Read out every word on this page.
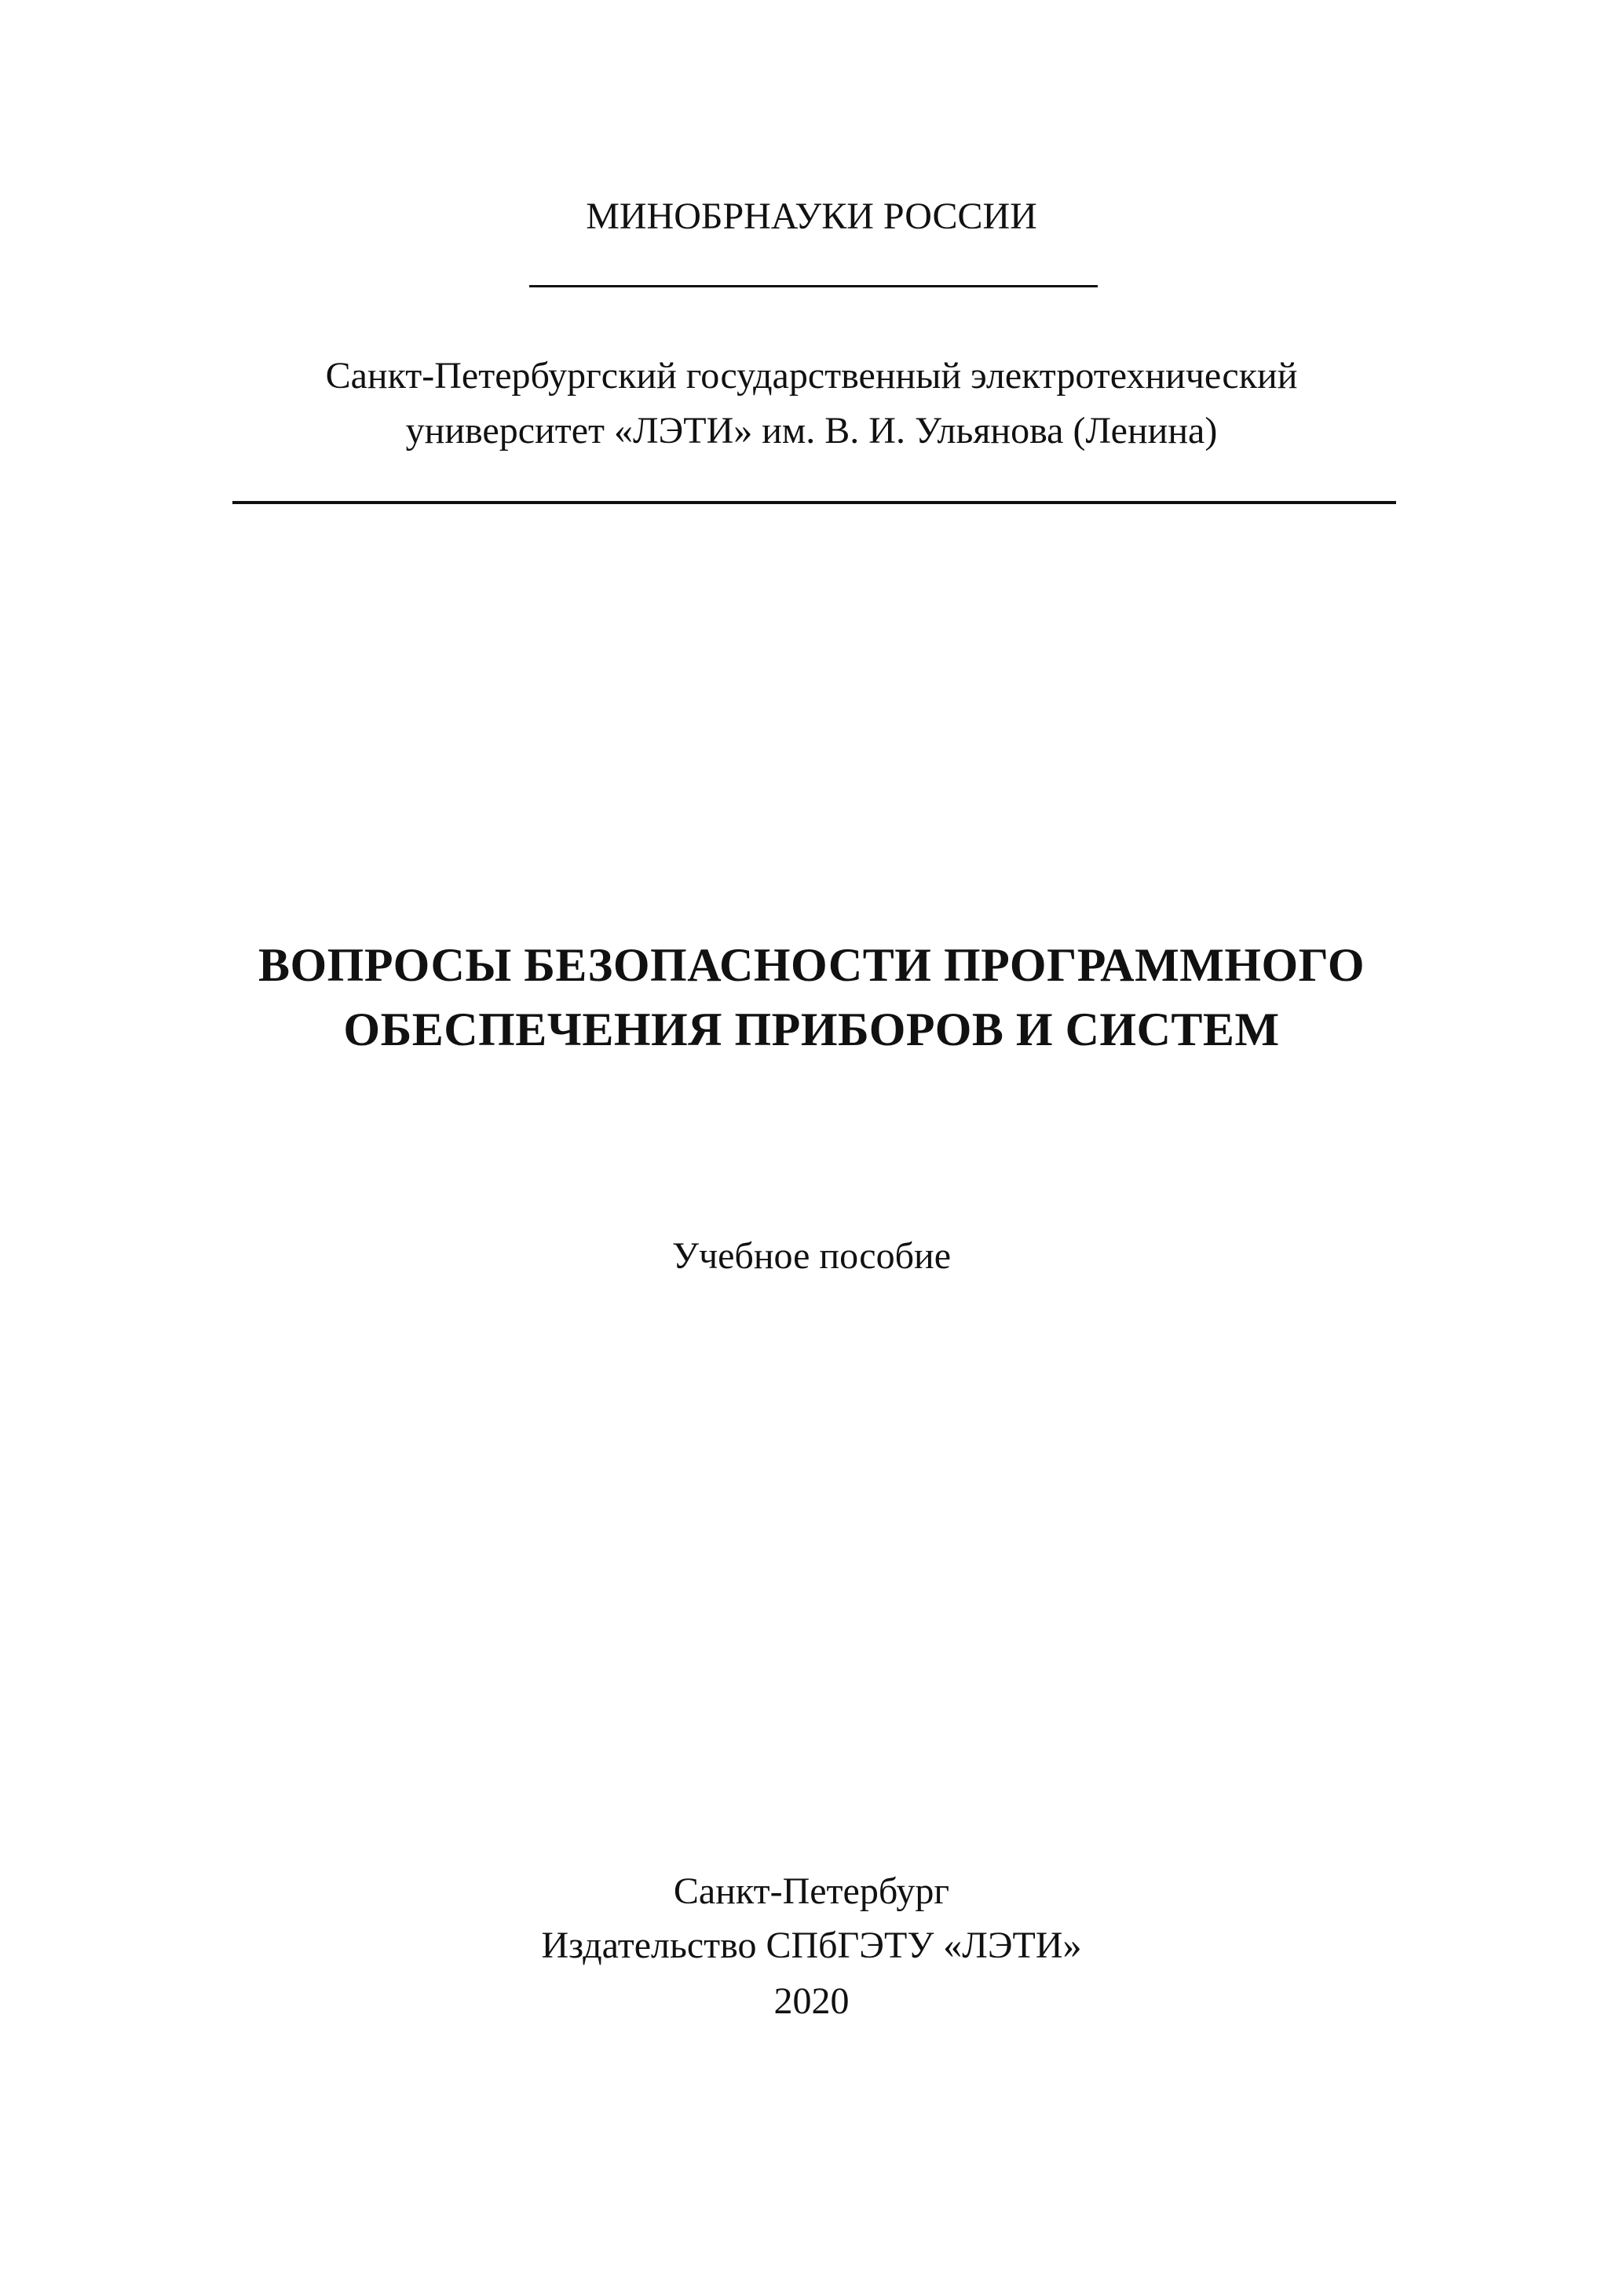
МИНОБРНАУКИ РОССИИ
Санкт-Петербургский государственный электротехнический
университет «ЛЭТИ» им. В. И. Ульянова (Ленина)
ВОПРОСЫ БЕЗОПАСНОСТИ ПРОГРАММНОГО
ОБЕСПЕЧЕНИЯ ПРИБОРОВ И СИСТЕМ
Учебное пособие
Санкт-Петербург
Издательство СПбГЭТУ «ЛЭТИ»
2020
